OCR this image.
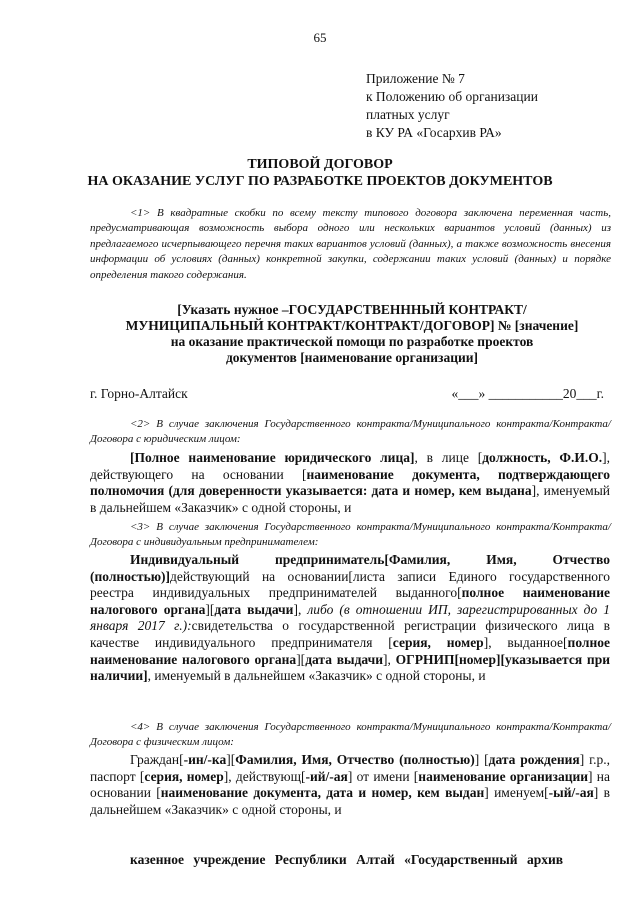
65
Приложение № 7
к Положению об организации
платных услуг
в КУ РА «Госархив РА»
ТИПОВОЙ ДОГОВОР
НА ОКАЗАНИЕ УСЛУГ ПО РАЗРАБОТКЕ ПРОЕКТОВ ДОКУМЕНТОВ

<1> В квадратные скобки по всему тексту типового договора заключена переменная часть, предусматривающая возможность выбора одного или нескольких вариантов условий (данных) из предлагаемого исчерпывающего перечня таких вариантов условий (данных), а также возможность внесения информации об условиях (данных) конкретной закупки, содержании таких условий (данных) и порядке определения такого содержания.

[Указать нужное –ГОСУДАРСТВЕНННЫЙ КОНТРАКТ/
МУНИЦИПАЛЬНЫЙ КОНТРАКТ/КОНТРАКТ/ДОГОВОР] № [значение]
на оказание практической помощи по разработке проектов
документов [наименование организации]
г. Горно-Алтайск	«___» ___________20___г.

<2> В случае заключения Государственного контракта/Муниципального контракта/Контракта/Договора с юридическим лицом:

[Полное наименование юридического лица], в лице [должность, Ф.И.О.], действующего на основании [наименование документа, подтверждающего полномочия (для доверенности указывается: дата и номер, кем выдана], именуемый в дальнейшем «Заказчик» с одной стороны, и

<3> В случае заключения Государственного контракта/Муниципального контракта/Контракта/Договора с индивидуальным предпринимателем:

Индивидуальный предприниматель[Фамилия, Имя, Отчество (полностью)]действующий на основании[листа записи Единого государственного реестра индивидуальных предпринимателей выданного[полное наименование налогового органа][дата выдачи], либо (в отношении ИП, зарегистрированных до 1 января 2017 г.):свидетельства о государственной регистрации физического лица в качестве индивидуального предпринимателя [серия, номер], выданное[полное наименование налогового органа][дата выдачи], ОГРНИП[номер][указывается при наличии], именуемый в дальнейшем «Заказчик» с одной стороны, и

<4> В случае заключения Государственного контракта/Муниципального контракта/Контракта/Договора с физическим лицом:

Граждан[-ин/-ка][Фамилия, Имя, Отчество (полностью)] [дата рождения] г.р., паспорт [серия, номер], действующ[-ий/-ая] от имени [наименование организации] на основании [наименование документа, дата и номер, кем выдан] именуем[-ый/-ая] в дальнейшем «Заказчик» с одной стороны, и

казенное учреждение Республики Алтай «Государственный архив
